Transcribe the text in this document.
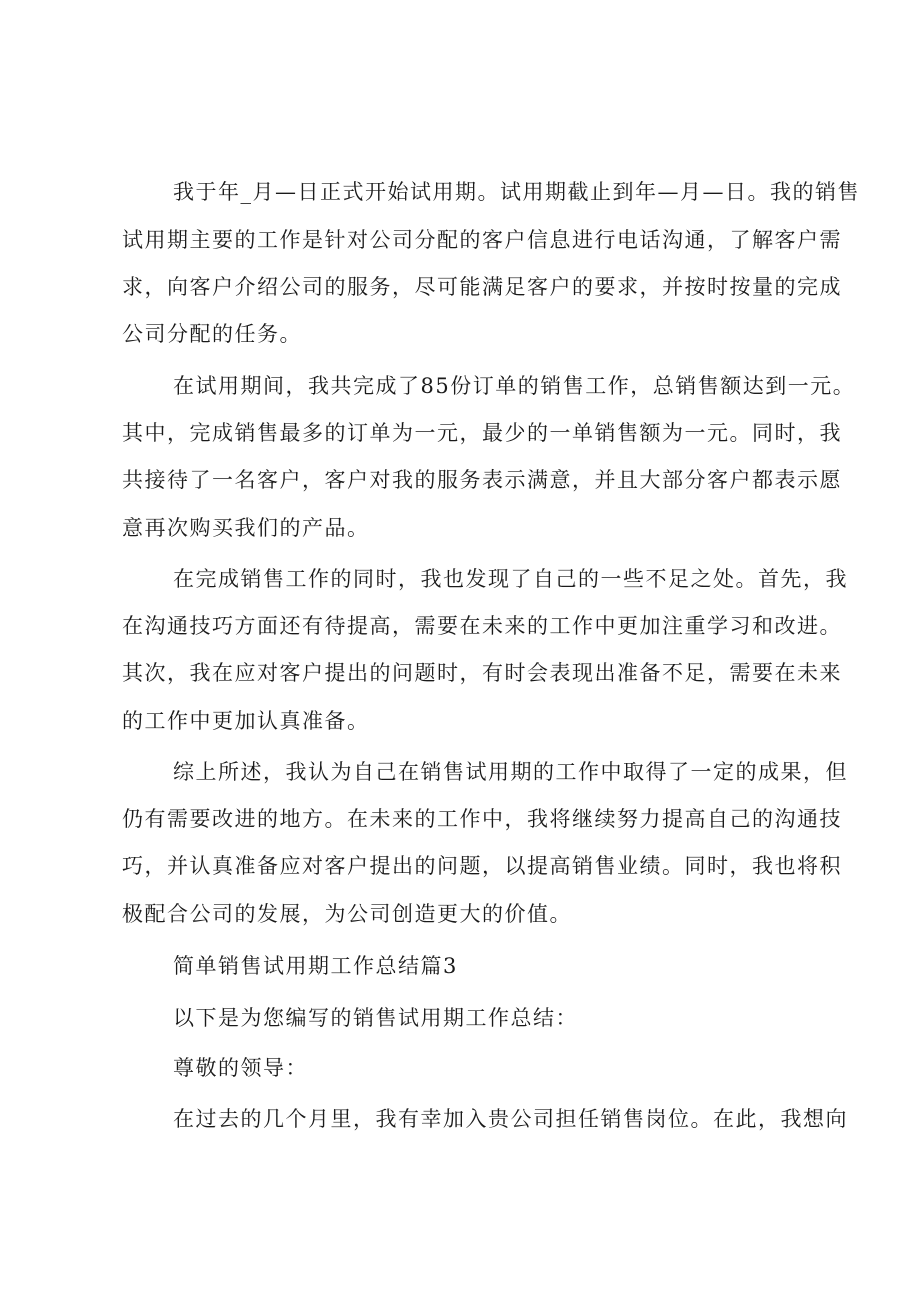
我于年_月—日正式开始试用期。试用期截止到年—月—日。我的销售
试用期主要的工作是针对公司分配的客户信息进行电话沟通，了解客户需
求，向客户介绍公司的服务，尽可能满足客户的要求，并按时按量的完成
公司分配的任务。
在试用期间，我共完成了85份订单的销售工作，总销售额达到一元。
其中，完成销售最多的订单为一元，最少的一单销售额为一元。同时，我
共接待了一名客户，客户对我的服务表示满意，并且大部分客户都表示愿
意再次购买我们的产品。
在完成销售工作的同时，我也发现了自己的一些不足之处。首先，我
在沟通技巧方面还有待提高，需要在未来的工作中更加注重学习和改进。
其次，我在应对客户提出的问题时，有时会表现出准备不足，需要在未来
的工作中更加认真准备。
综上所述，我认为自己在销售试用期的工作中取得了一定的成果，但
仍有需要改进的地方。在未来的工作中，我将继续努力提高自己的沟通技
巧，并认真准备应对客户提出的问题，以提高销售业绩。同时，我也将积
极配合公司的发展，为公司创造更大的价值。
简单销售试用期工作总结篇3
以下是为您编写的销售试用期工作总结：
尊敬的领导：
在过去的几个月里，我有幸加入贵公司担任销售岗位。在此，我想向
